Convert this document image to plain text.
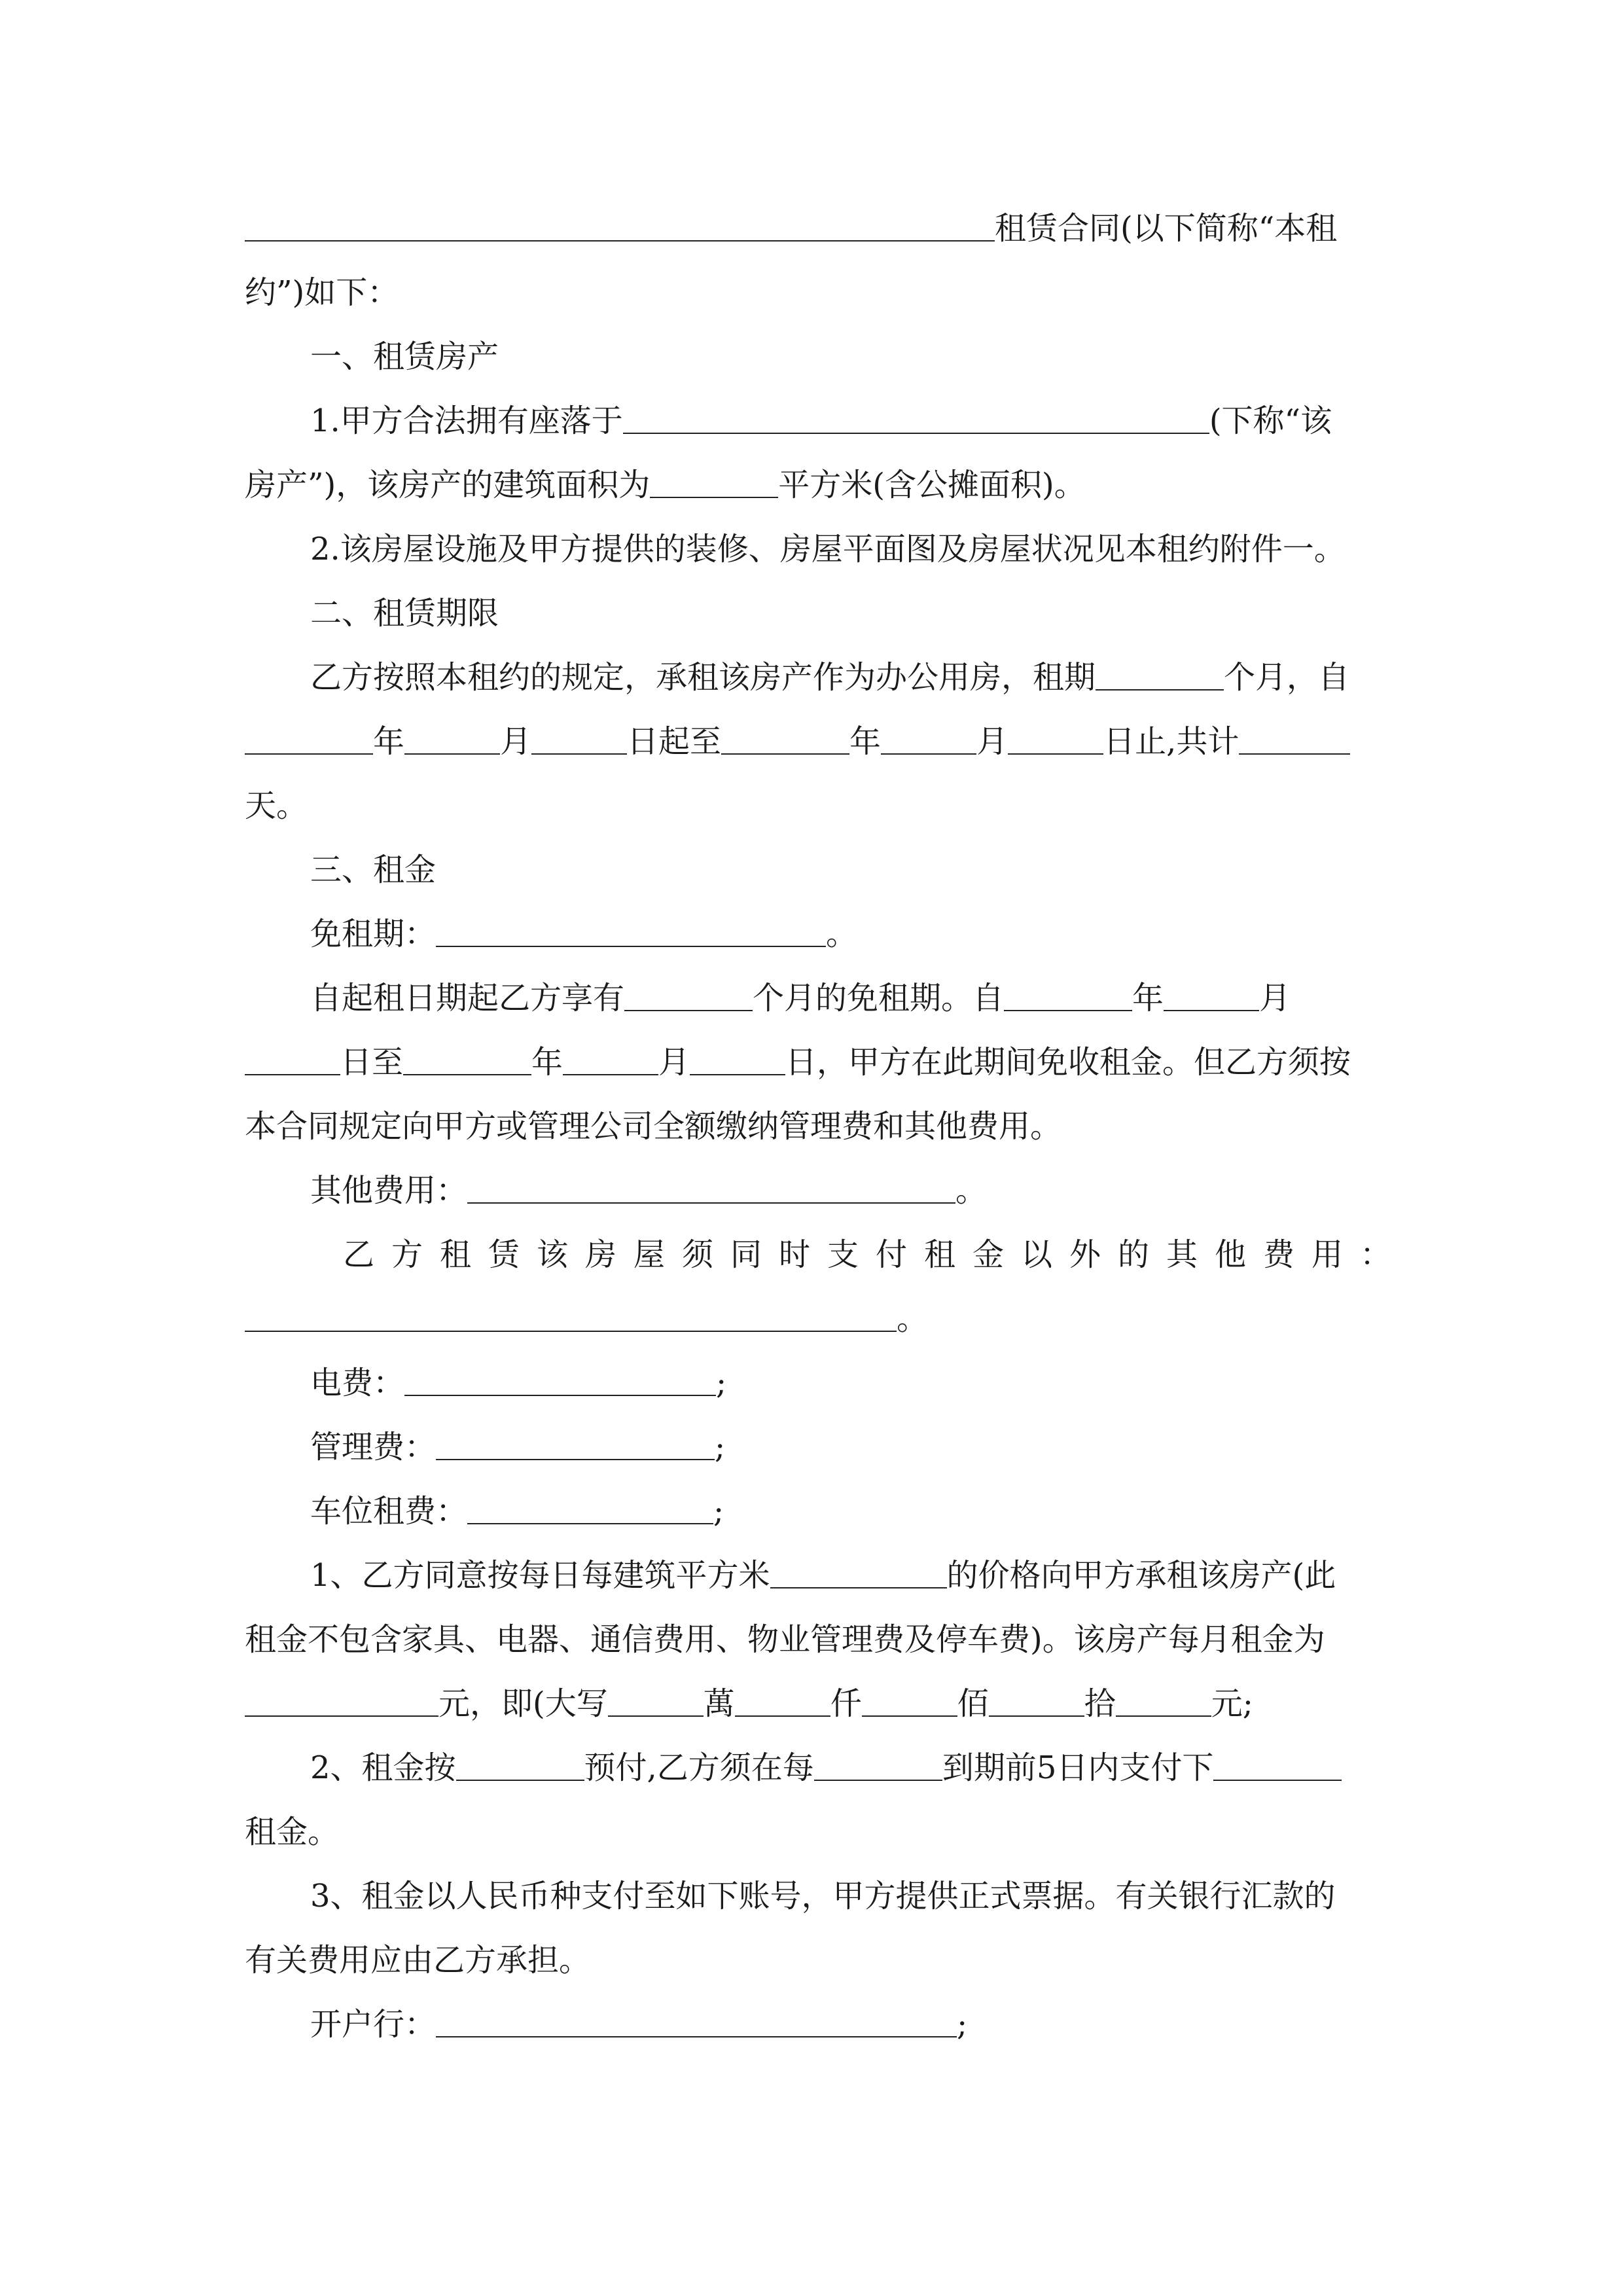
租赁合同(以下简称“本租
约”)如下：
一、租赁房产
1.甲方合法拥有座落于	(下称“该
房产”)，该房产的建筑面积为	平方米(含公摊面积)。
2.该房屋设施及甲方提供的装修、房屋平面图及房屋状况见本租约附件一。
二、租赁期限
乙方按照本租约的规定，承租该房产作为办公用房，租期	个月，自
年	月	日起至	年	月	日止,共计
天。
三、租金
免租期：	。
自起租日期起乙方享有	个月的免租期。自	年	月
日至	年	月	日，甲方在此期间免收租金。但乙方须按
本合同规定向甲方或管理公司全额缴纳管理费和其他费用。
其他费用：	。
乙方租赁该房屋须同时支付租金以外的其他费用：
。
电费：	;
管理费：	;
车位租费：	;
1、乙方同意按每日每建筑平方米	的价格向甲方承租该房产(此
租金不包含家具、电器、通信费用、物业管理费及停车费)。该房产每月租金为
元，即(大写	萬	仟	佰	拾	元;
2、租金按	预付,乙方须在每	到期前5日内支付下
租金。
3、租金以人民币种支付至如下账号，甲方提供正式票据。有关银行汇款的
有关费用应由乙方承担。
开户行：	;
